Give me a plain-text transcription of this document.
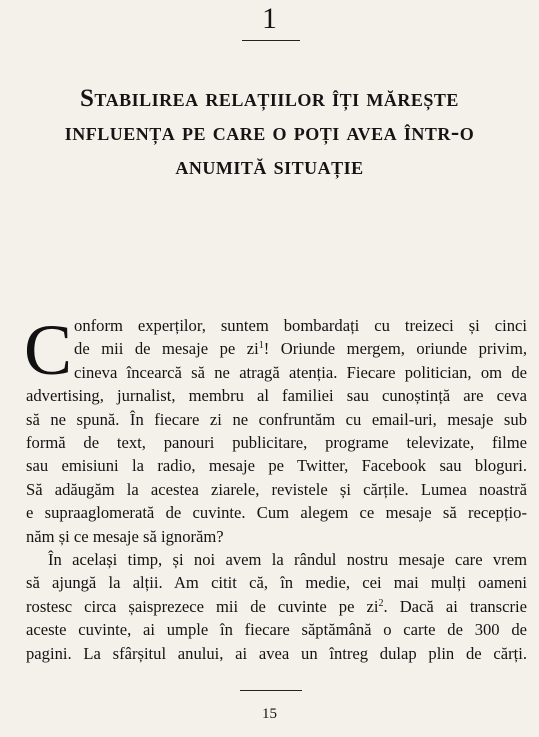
1
Stabilirea relațiilor îți mărește
influența pe care o poți avea într-o
anumită situație

C onform experților, suntem bombardați cu treizeci și cinci
de mii de mesaje pe $zi^1$! Oriunde mergem, oriunde privim,
cineva încearcă să ne atragă atenția. Fiecare politician, om de
advertising, jurnalist, membru al familiei sau cunoștință are ceva
să ne spună. În fiecare zi ne confruntăm cu email-uri, mesaje sub
formă de text, panouri publicitare, programe televizate, filme
sau emisiuni la radio, mesaje pe Twitter, Facebook sau bloguri.
Să adăugăm la acestea ziarele, revistele și cărțile. Lumea noastră
e supraaglomerată de cuvinte. Cum alegem ce mesaje să recepțio-
năm și ce mesaje să ignorăm?

În același timp, și noi avem la rândul nostru mesaje care vrem
să ajungă la alții. Am citit că, în medie, cei mai mulți oameni
rostesc circa șaisprezece mii de cuvinte pe $zi^2$. Dacă ai transcrie
aceste cuvinte, ai umple în fiecare săptămână o carte de 300 de
pagini. La sfârșitul anului, ai avea un întreg dulap plin de cărți.

15
